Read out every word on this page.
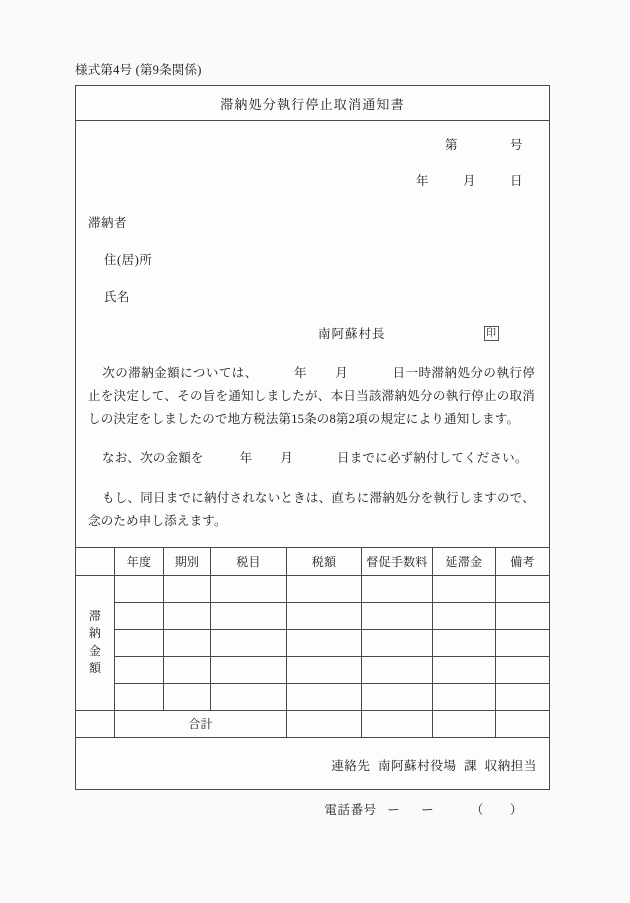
様式第4号 (第9条関係)
滞納処分執行停止取消通知書
第	号
年	月	日
滞納者
住(居)所
氏名
南阿蘇村長	印
次の滞納金額については、	年 月	日一時滞納処分の執行停止を決定して、その旨を通知しましたが、本日当該滞納処分の執行停止の取消しの決定をしましたので地方税法第15条の8第2項の規定により通知します。
なお、次の金額を	年 月	日までに必ず納付してください。
もし、同日までに納付されないときは、直ちに滞納処分を執行しますので、念のため申し添えます。
	年度	期別	税目	税額	督促手数料	延滞金	備考

滞
納
金
額							

	合計						
連絡先 南阿蘇村役場 課 収納担当
電話番号 ー ー	（ ）
